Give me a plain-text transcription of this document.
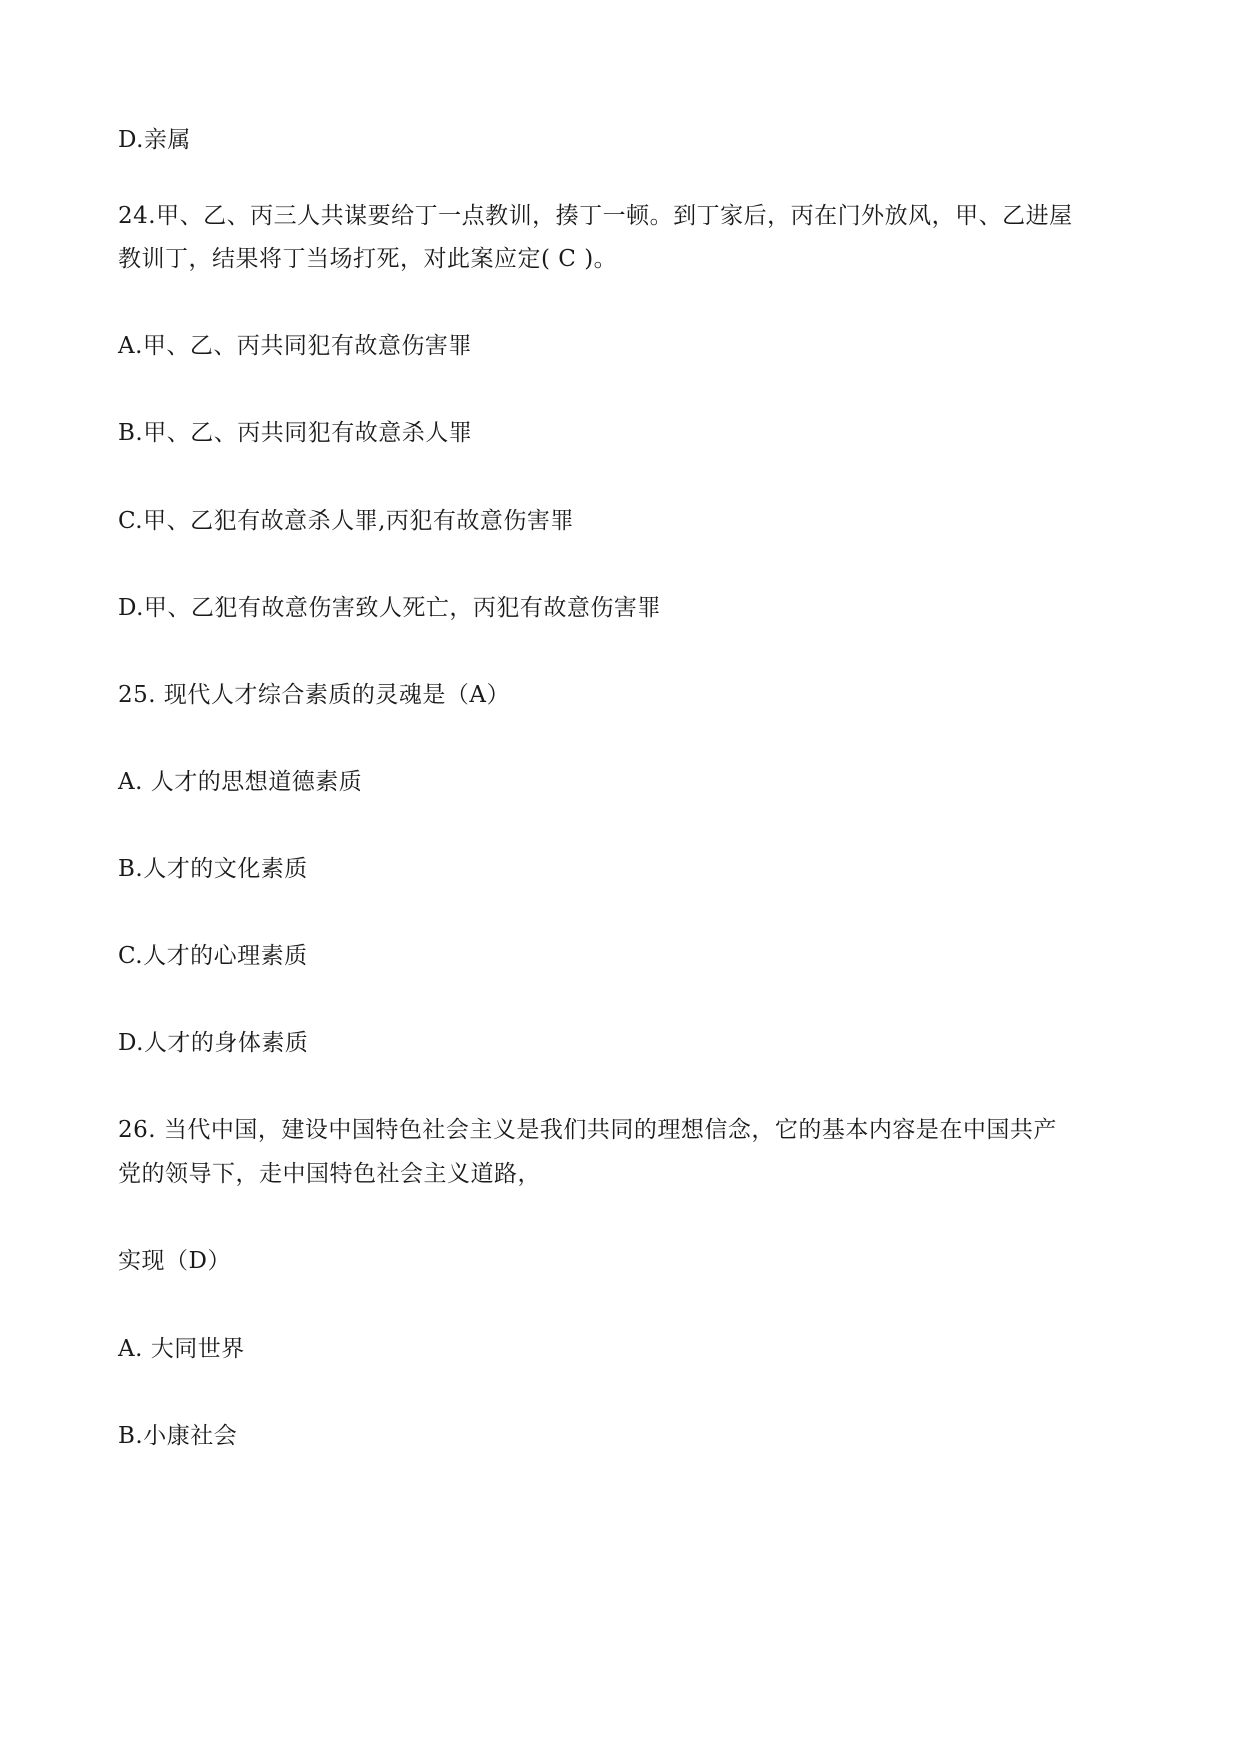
D.亲属
24.甲、乙、丙三人共谋要给丁一点教训，揍丁一顿。到丁家后，丙在门外放风，甲、乙进屋
教训丁，结果将丁当场打死，对此案应定( C )。
A.甲、乙、丙共同犯有故意伤害罪
B.甲、乙、丙共同犯有故意杀人罪
C.甲、乙犯有故意杀人罪,丙犯有故意伤害罪
D.甲、乙犯有故意伤害致人死亡，丙犯有故意伤害罪
25. 现代人才综合素质的灵魂是（A）
A. 人才的思想道德素质
B.人才的文化素质
C.人才的心理素质
D.人才的身体素质
26. 当代中国，建设中国特色社会主义是我们共同的理想信念，它的基本内容是在中国共产
党的领导下，走中国特色社会主义道路，
实现（D）
A. 大同世界
B.小康社会
